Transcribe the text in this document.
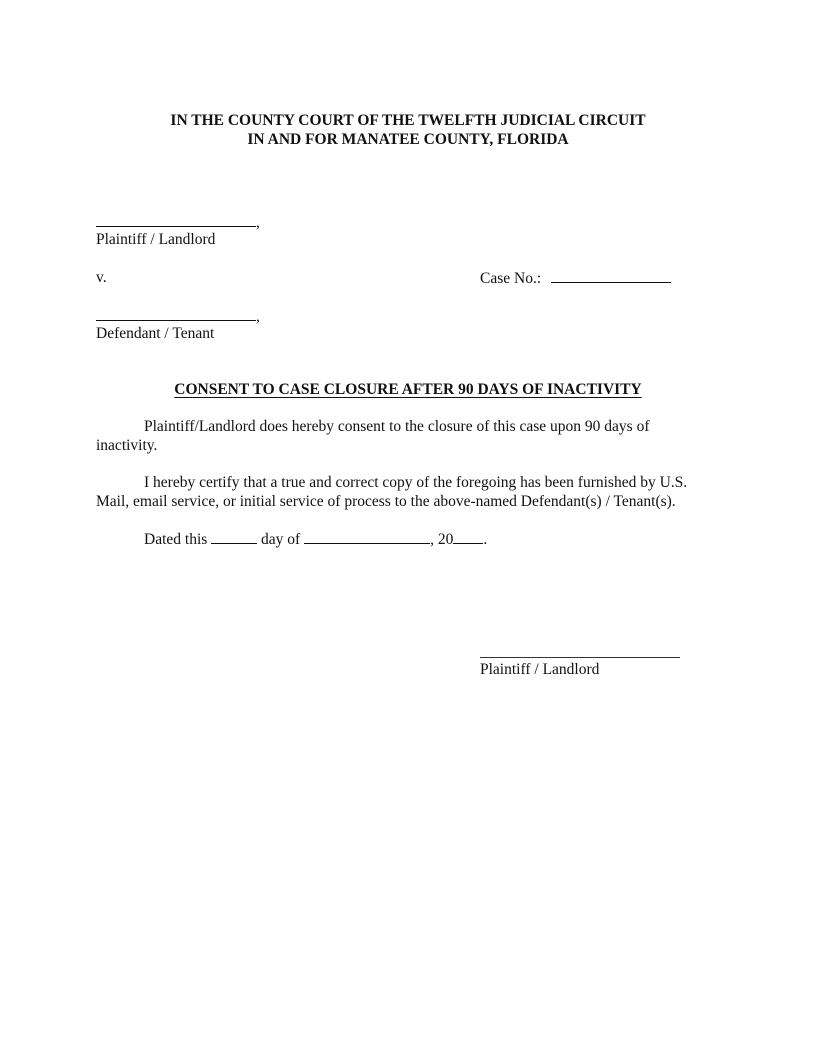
IN THE COUNTY COURT OF THE TWELFTH JUDICIAL CIRCUIT
IN AND FOR MANATEE COUNTY, FLORIDA
,
Plaintiff / Landlord
v.	Case No.:
,
Defendant / Tenant
CONSENT TO CASE CLOSURE AFTER 90 DAYS OF INACTIVITY
Plaintiff/Landlord does hereby consent to the closure of this case upon 90 days of
inactivity.
I hereby certify that a true and correct copy of the foregoing has been furnished by U.S.
Mail, email service, or initial service of process to the above-named Defendant(s) / Tenant(s).
Dated this	day of	, 20 .
Plaintiff / Landlord
